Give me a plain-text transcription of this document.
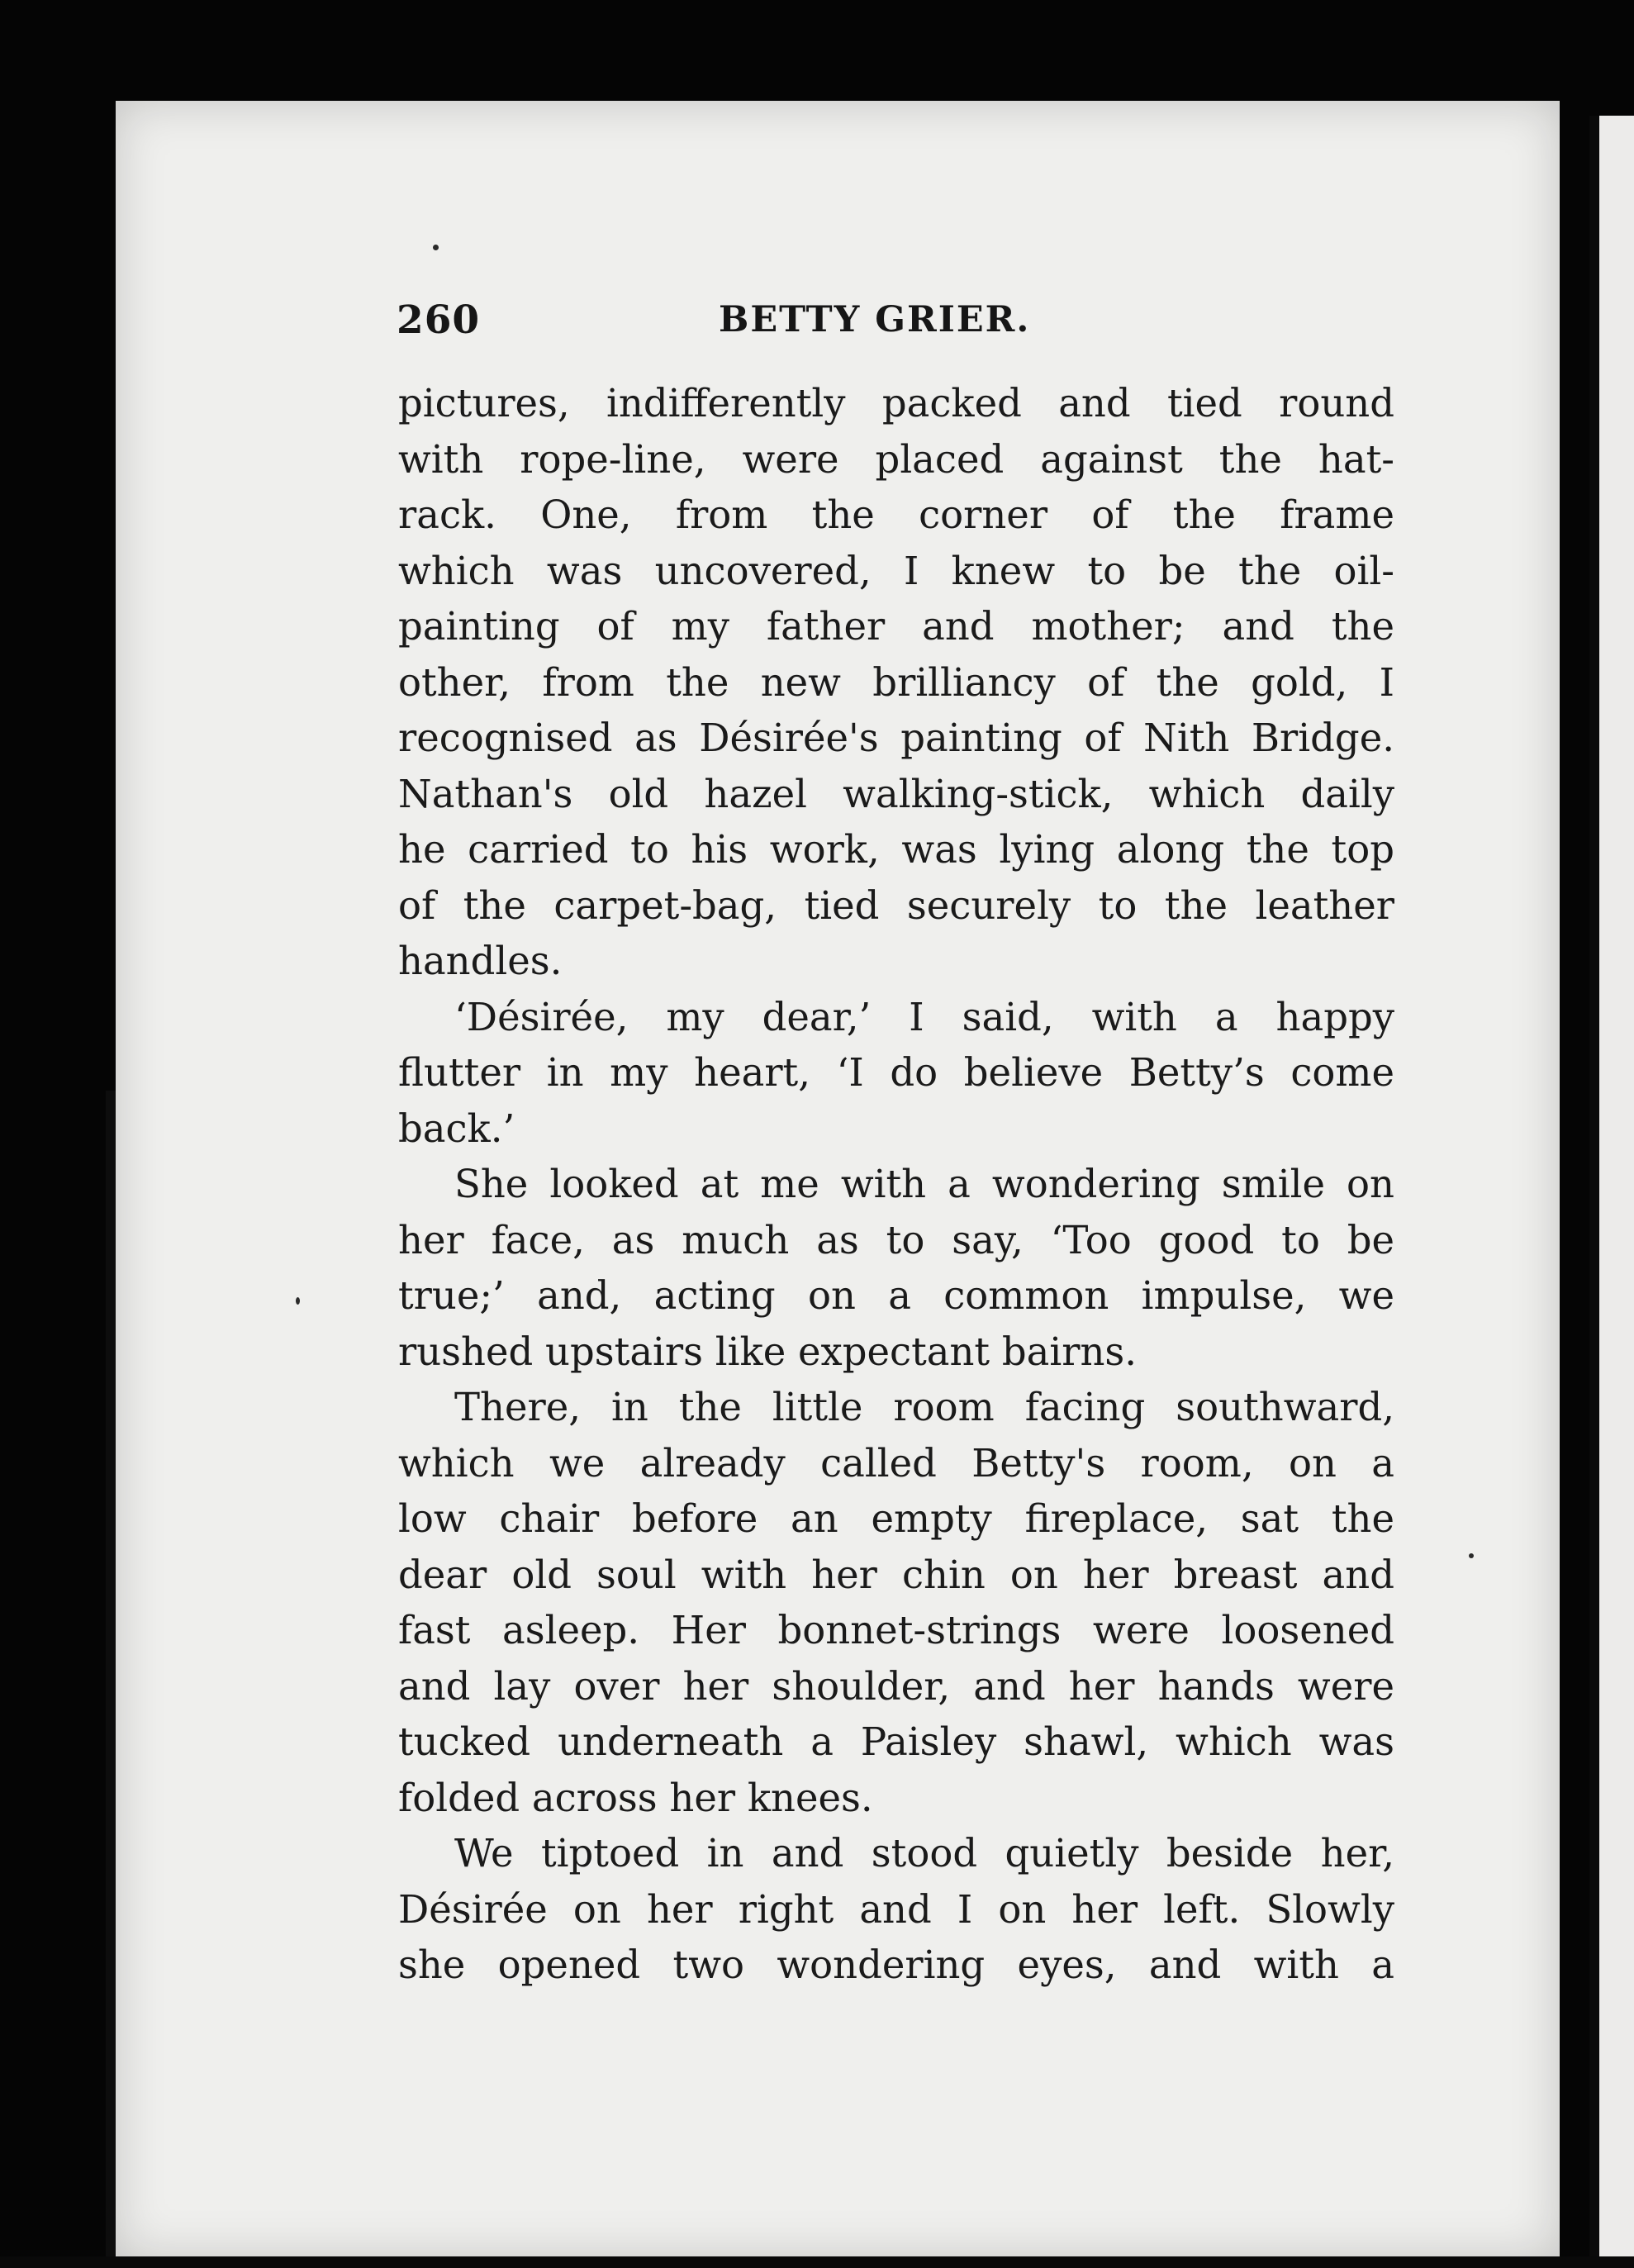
260	BETTY GRIER.
pictures, indifferently packed and tied round
with rope-line, were placed against the hat-
rack. One, from the corner of the frame
which was uncovered, I knew to be the oil-
painting of my father and mother; and the
other, from the new brilliancy of the gold, I
recognised as Désirée's painting of Nith Bridge.
Nathan's old hazel walking-stick, which daily
he carried to his work, was lying along the top
of the carpet-bag, tied securely to the leather
handles.
‘Désirée, my dear,’ I said, with a happy
flutter in my heart, ‘I do believe Betty’s come
back.’
She looked at me with a wondering smile on
her face, as much as to say, ‘Too good to be
true;’ and, acting on a common impulse, we
rushed upstairs like expectant bairns.
There, in the little room facing southward,
which we already called Betty's room, on a
low chair before an empty fireplace, sat the
dear old soul with her chin on her breast and
fast asleep. Her bonnet-strings were loosened
and lay over her shoulder, and her hands were
tucked underneath a Paisley shawl, which was
folded across her knees.
We tiptoed in and stood quietly beside her,
Désirée on her right and I on her left. Slowly
she opened two wondering eyes, and with a
